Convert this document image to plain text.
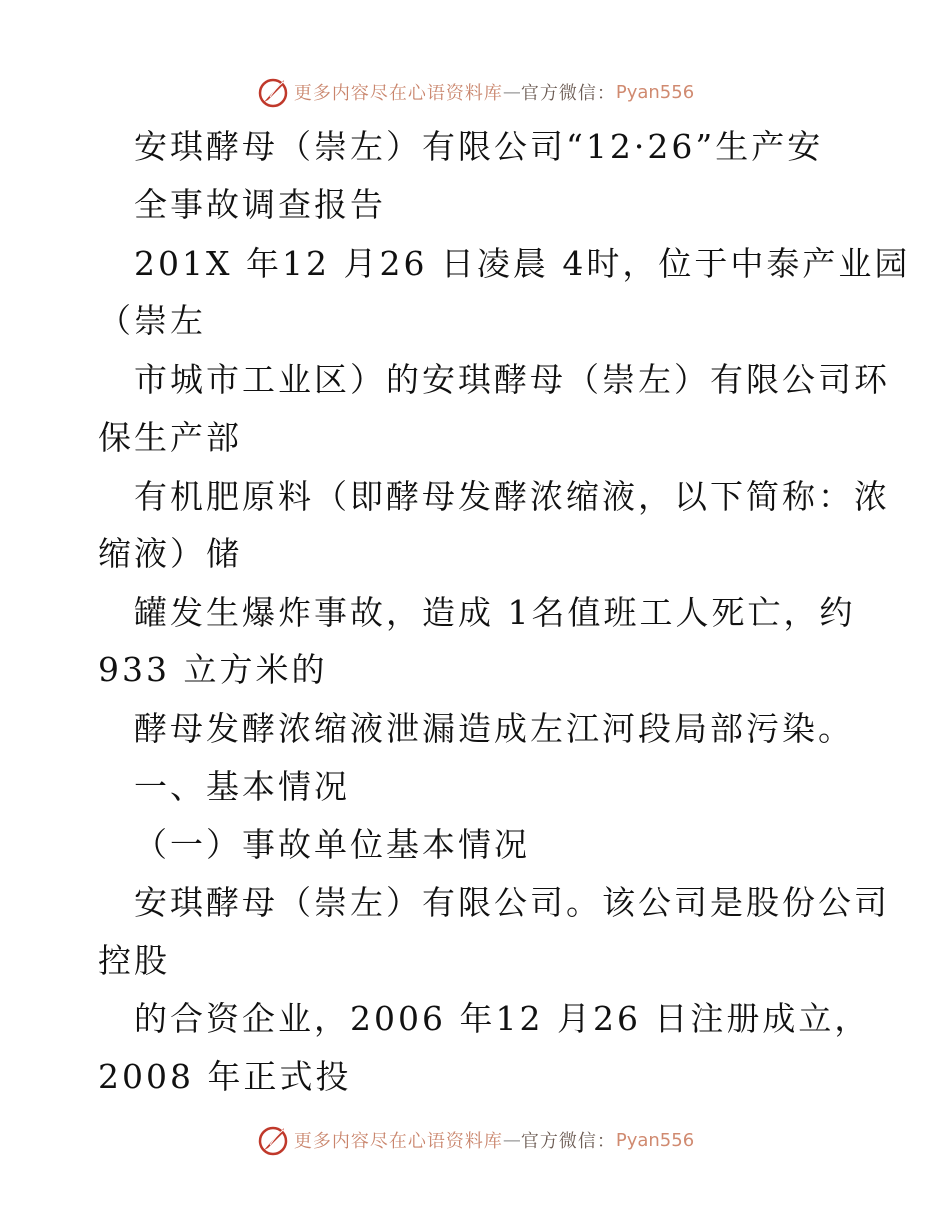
更多内容尽在心语资料库 — 官方微信： Pyan556
安琪酵母（崇左）有限公司“12·26”生产安
全事故调查报告
201X 年12 月26 日凌晨 4时，位于中泰产业园
（崇左
市城市工业区）的安琪酵母（崇左）有限公司环
保生产部
有机肥原料（即酵母发酵浓缩液，以下简称：浓
缩液）储
罐发生爆炸事故，造成 1名值班工人死亡，约
933 立方米的
酵母发酵浓缩液泄漏造成左江河段局部污染。
一、基本情况
（一）事故单位基本情况
安琪酵母（崇左）有限公司。该公司是股份公司
控股
的合资企业，2006 年12 月26 日注册成立，
2008 年正式投
更多内容尽在心语资料库 — 官方微信： Pyan556
